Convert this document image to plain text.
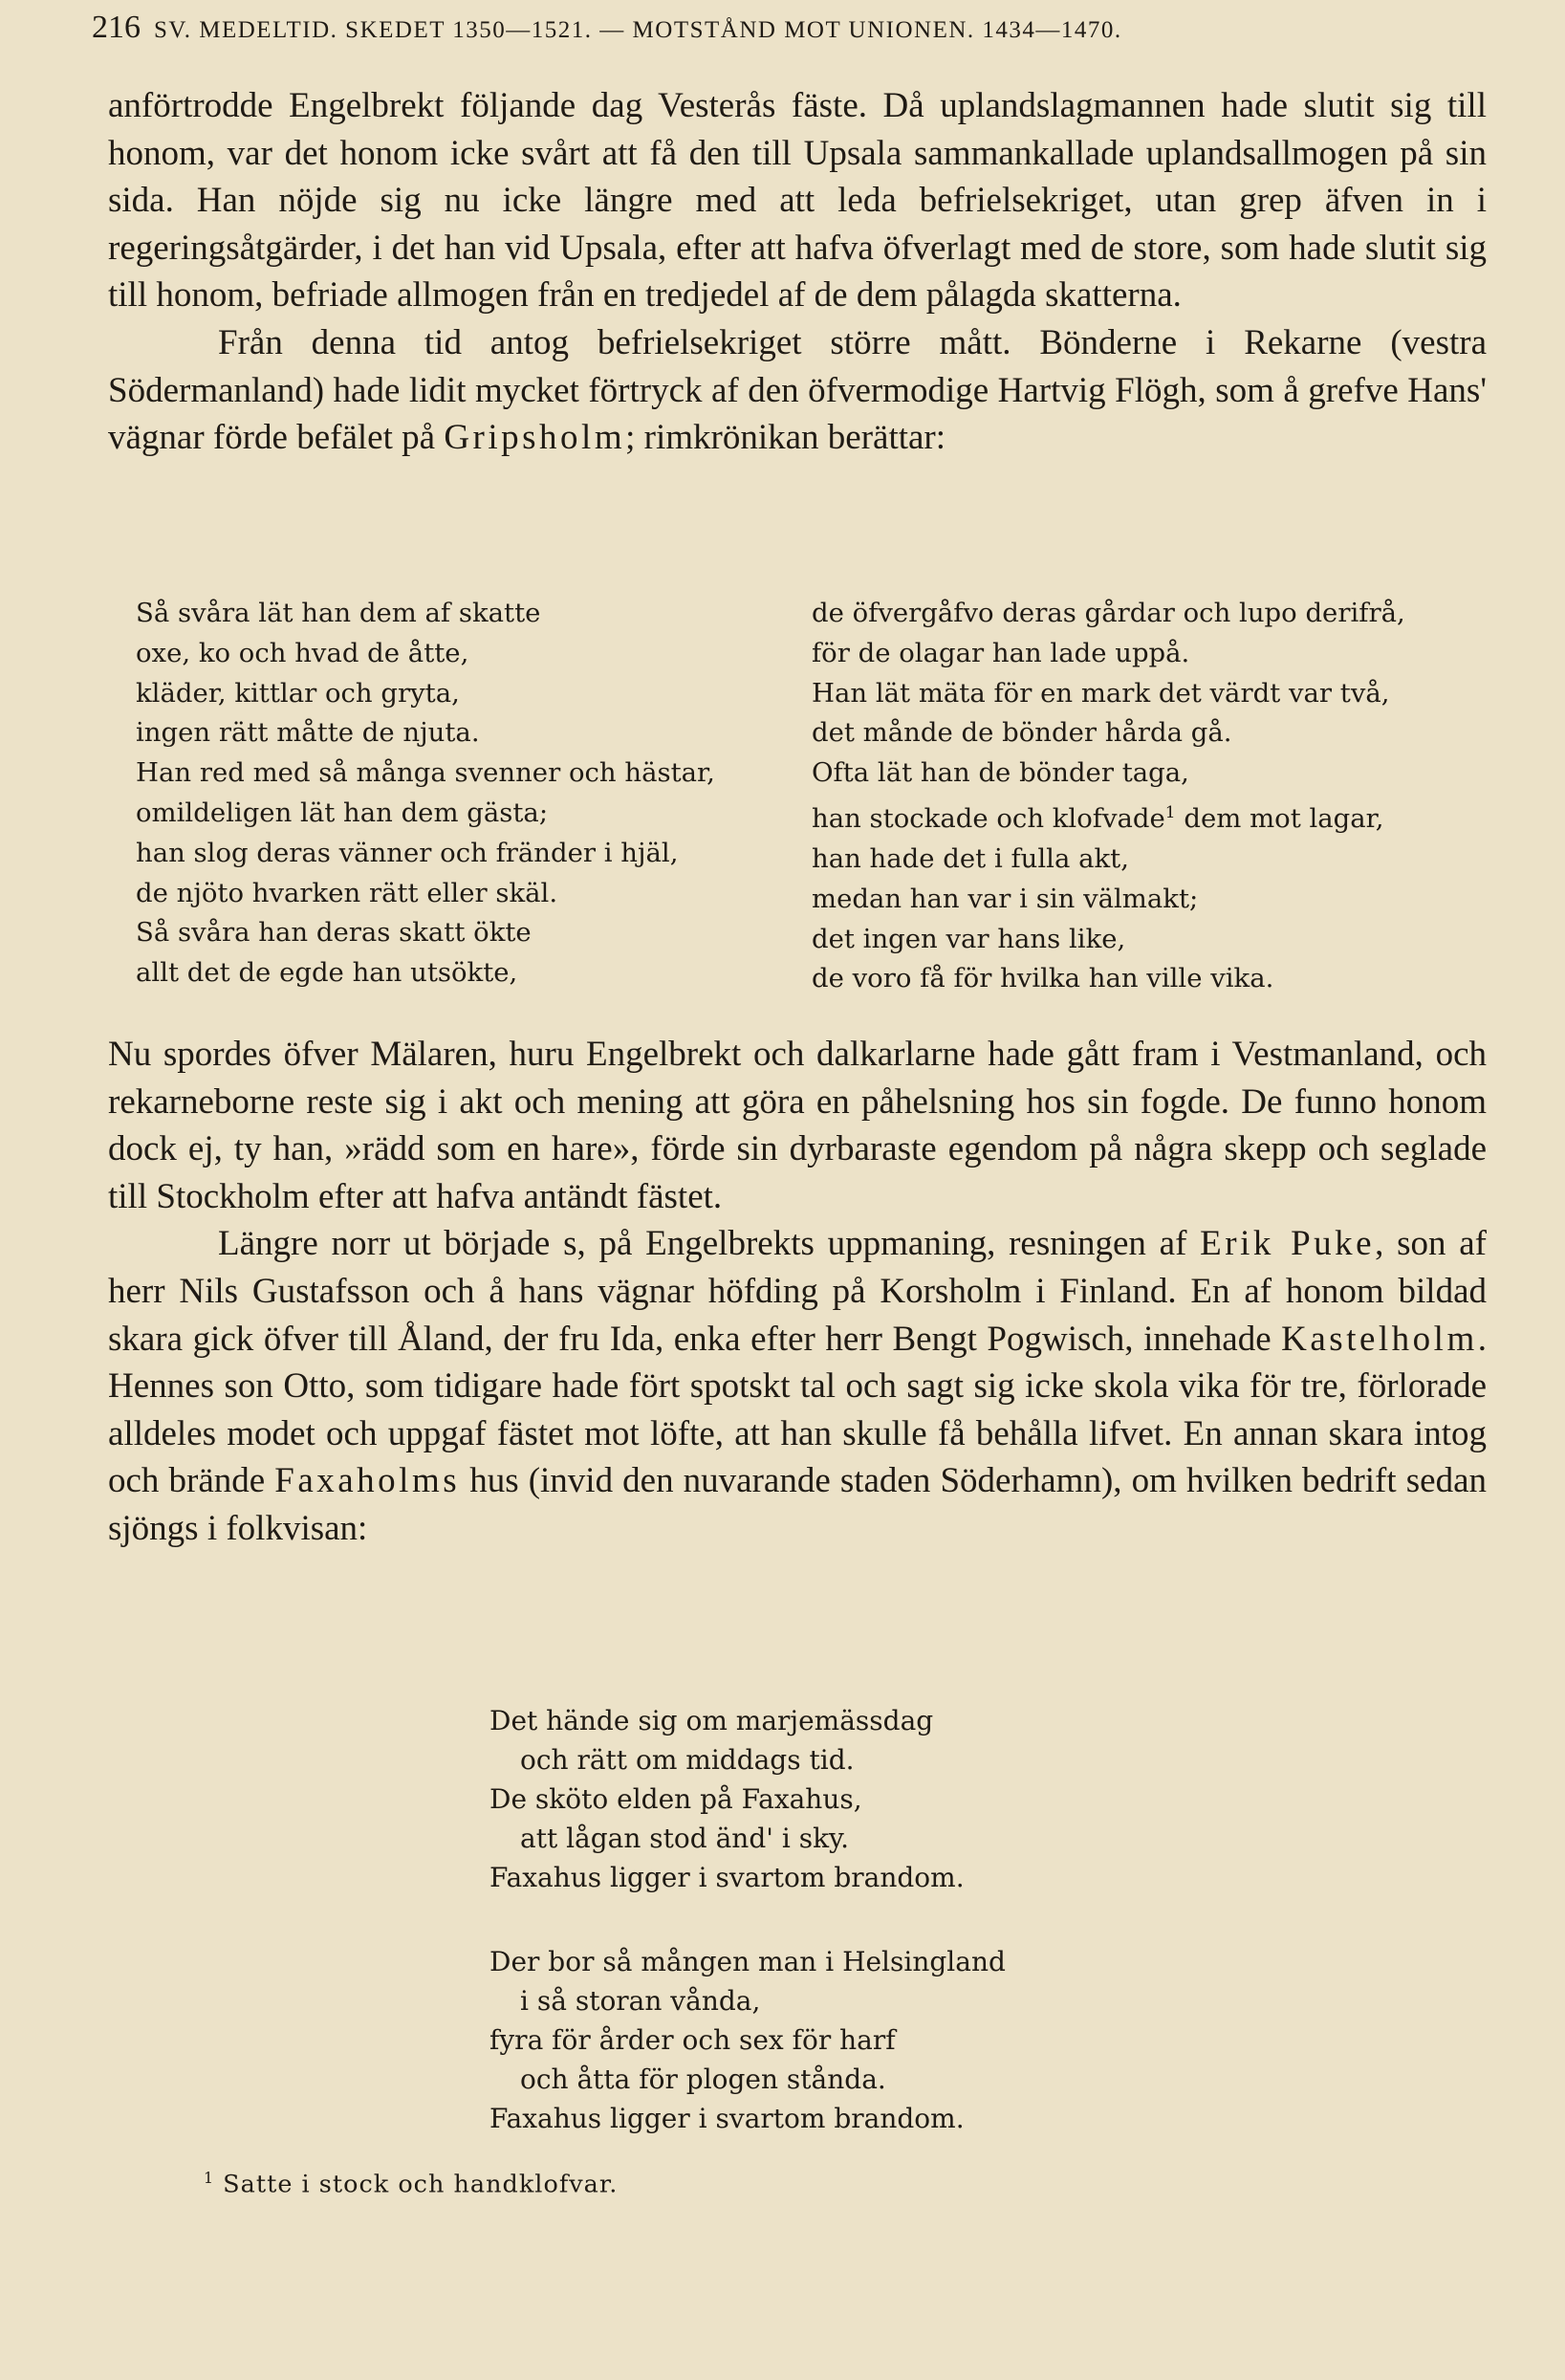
216 SV. MEDELTID. SKEDET 1350—1521. — MOTSTÅND MOT UNIONEN. 1434—1470.

anförtrodde Engelbrekt följande dag Vesterås fäste. Då uplandslagmannen hade slutit sig till honom, var det honom icke svårt att få den till Upsala sammankallade uplandsallmogen på sin sida. Han nöjde sig nu icke längre med att leda befrielsekriget, utan grep äfven in i regeringsåtgärder, i det han vid Upsala, efter att hafva öfverlagt med de store, som hade slutit sig till honom, befriade allmogen från en tredjedel af de dem pålagda skatterna.

Från denna tid antog befrielsekriget större mått. Bönderne i Rekarne (vestra Södermanland) hade lidit mycket förtryck af den öfvermodige Hartvig Flögh, som å grefve Hans' vägnar förde befälet på Gripsholm; rimkrönikan berättar:

Så svåra lät han dem af skatte
oxe, ko och hvad de åtte,
kläder, kittlar och gryta,
ingen rätt måtte de njuta.
Han red med så många svenner och hästar,
omildeligen lät han dem gästa;
han slog deras vänner och fränder i hjäl,
de njöto hvarken rätt eller skäl.
Så svåra han deras skatt ökte
allt det de egde han utsökte,
de öfvergåfvo deras gårdar och lupo derifrå,
för de olagar han lade uppå.
Han lät mäta för en mark det värdt var två,
det månde de bönder hårda gå.
Ofta lät han de bönder taga,
han stockade och klofvade$^1$ dem mot lagar,
han hade det i fulla akt,
medan han var i sin välmakt;
det ingen var hans like,
de voro få för hvilka han ville vika.

Nu spordes öfver Mälaren, huru Engelbrekt och dalkarlarne hade gått fram i Vestmanland, och rekarneborne reste sig i akt och mening att göra en påhelsning hos sin fogde. De funno honom dock ej, ty han, »rädd som en hare», förde sin dyrbaraste egendom på några skepp och seglade till Stockholm efter att hafva antändt fästet.

Längre norr ut började s, på Engelbrekts uppmaning, resningen af Erik Puke, son af herr Nils Gustafsson och å hans vägnar höfding på Korsholm i Finland. En af honom bildad skara gick öfver till Åland, der fru Ida, enka efter herr Bengt Pogwisch, innehade Kastelholm. Hennes son Otto, som tidigare hade fört spotskt tal och sagt sig icke skola vika för tre, förlorade alldeles modet och uppgaf fästet mot löfte, att han skulle få behålla lifvet. En annan skara intog och brände Faxaholms hus (invid den nuvarande staden Söderhamn), om hvilken bedrift sedan sjöngs i folkvisan:

Det hände sig om marjemässdag
och rätt om middags tid.
De sköto elden på Faxahus,
att lågan stod änd' i sky.
Faxahus ligger i svartom brandom.
Der bor så mången man i Helsingland
i så storan vånda,
fyra för årder och sex för harf
och åtta för plogen stånda.
Faxahus ligger i svartom brandom.
$^1$ Satte i stock och handklofvar.
